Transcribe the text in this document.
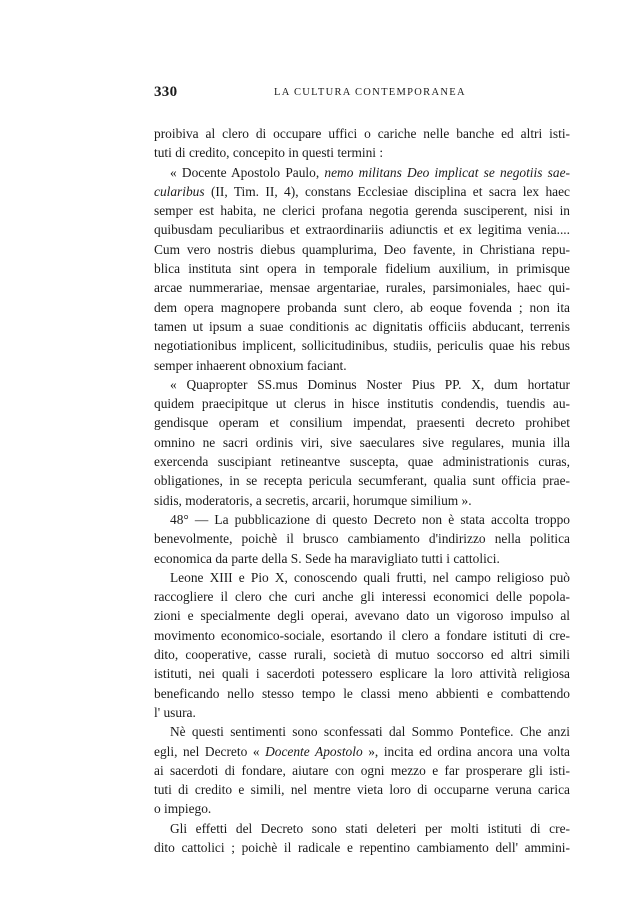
330	LA CULTURA CONTEMPORANEA
proibiva al clero di occupare uffici o cariche nelle banche ed altri isti-
tuti di credito, concepito in questi termini :
« Docente Apostolo Paulo, nemo militans Deo implicat se negotiis sae-
cularibus (II, Tim. II, 4), constans Ecclesiae disciplina et sacra lex haec
semper est habita, ne clerici profana negotia gerenda susciperent, nisi in
quibusdam peculiaribus et extraordinariis adiunctis et ex legitima venia....
Cum vero nostris diebus quamplurima, Deo favente, in Christiana repu-
blica instituta sint opera in temporale fidelium auxilium, in primisque
arcae nummerariae, mensae argentariae, rurales, parsimoniales, haec qui-
dem opera magnopere probanda sunt clero, ab eoque fovenda ; non ita
tamen ut ipsum a suae conditionis ac dignitatis officiis abducant, terrenis
negotiationibus implicent, sollicitudinibus, studiis, periculis quae his rebus
semper inhaerent obnoxium faciant.
« Quapropter SS.mus Dominus Noster Pius PP. X, dum hortatur
quidem praecipitque ut clerus in hisce institutis condendis, tuendis au-
gendisque operam et consilium impendat, praesenti decreto prohibet
omnino ne sacri ordinis viri, sive saeculares sive regulares, munia illa
exercenda suscipiant retineantve suscepta, quae administrationis curas,
obligationes, in se recepta pericula secumferant, qualia sunt officia prae-
sidis, moderatoris, a secretis, arcarii, horumque similium ».
48° — La pubblicazione di questo Decreto non è stata accolta troppo
benevolmente, poichè il brusco cambiamento d'indirizzo nella politica
economica da parte della S. Sede ha maravigliato tutti i cattolici.
Leone XIII e Pio X, conoscendo quali frutti, nel campo religioso può
raccogliere il clero che curi anche gli interessi economici delle popola-
zioni e specialmente degli operai, avevano dato un vigoroso impulso al
movimento economico-sociale, esortando il clero a fondare istituti di cre-
dito, cooperative, casse rurali, società di mutuo soccorso ed altri simili
istituti, nei quali i sacerdoti potessero esplicare la loro attività religiosa
beneficando nello stesso tempo le classi meno abbienti e combattendo
l' usura.
Nè questi sentimenti sono sconfessati dal Sommo Pontefice. Che anzi
egli, nel Decreto « Docente Apostolo », incita ed ordina ancora una volta
ai sacerdoti di fondare, aiutare con ogni mezzo e far prosperare gli isti-
tuti di credito e simili, nel mentre vieta loro di occuparne veruna carica
o impiego.
Gli effetti del Decreto sono stati deleteri per molti istituti di cre-
dito cattolici ; poichè il radicale e repentino cambiamento dell' ammini-
